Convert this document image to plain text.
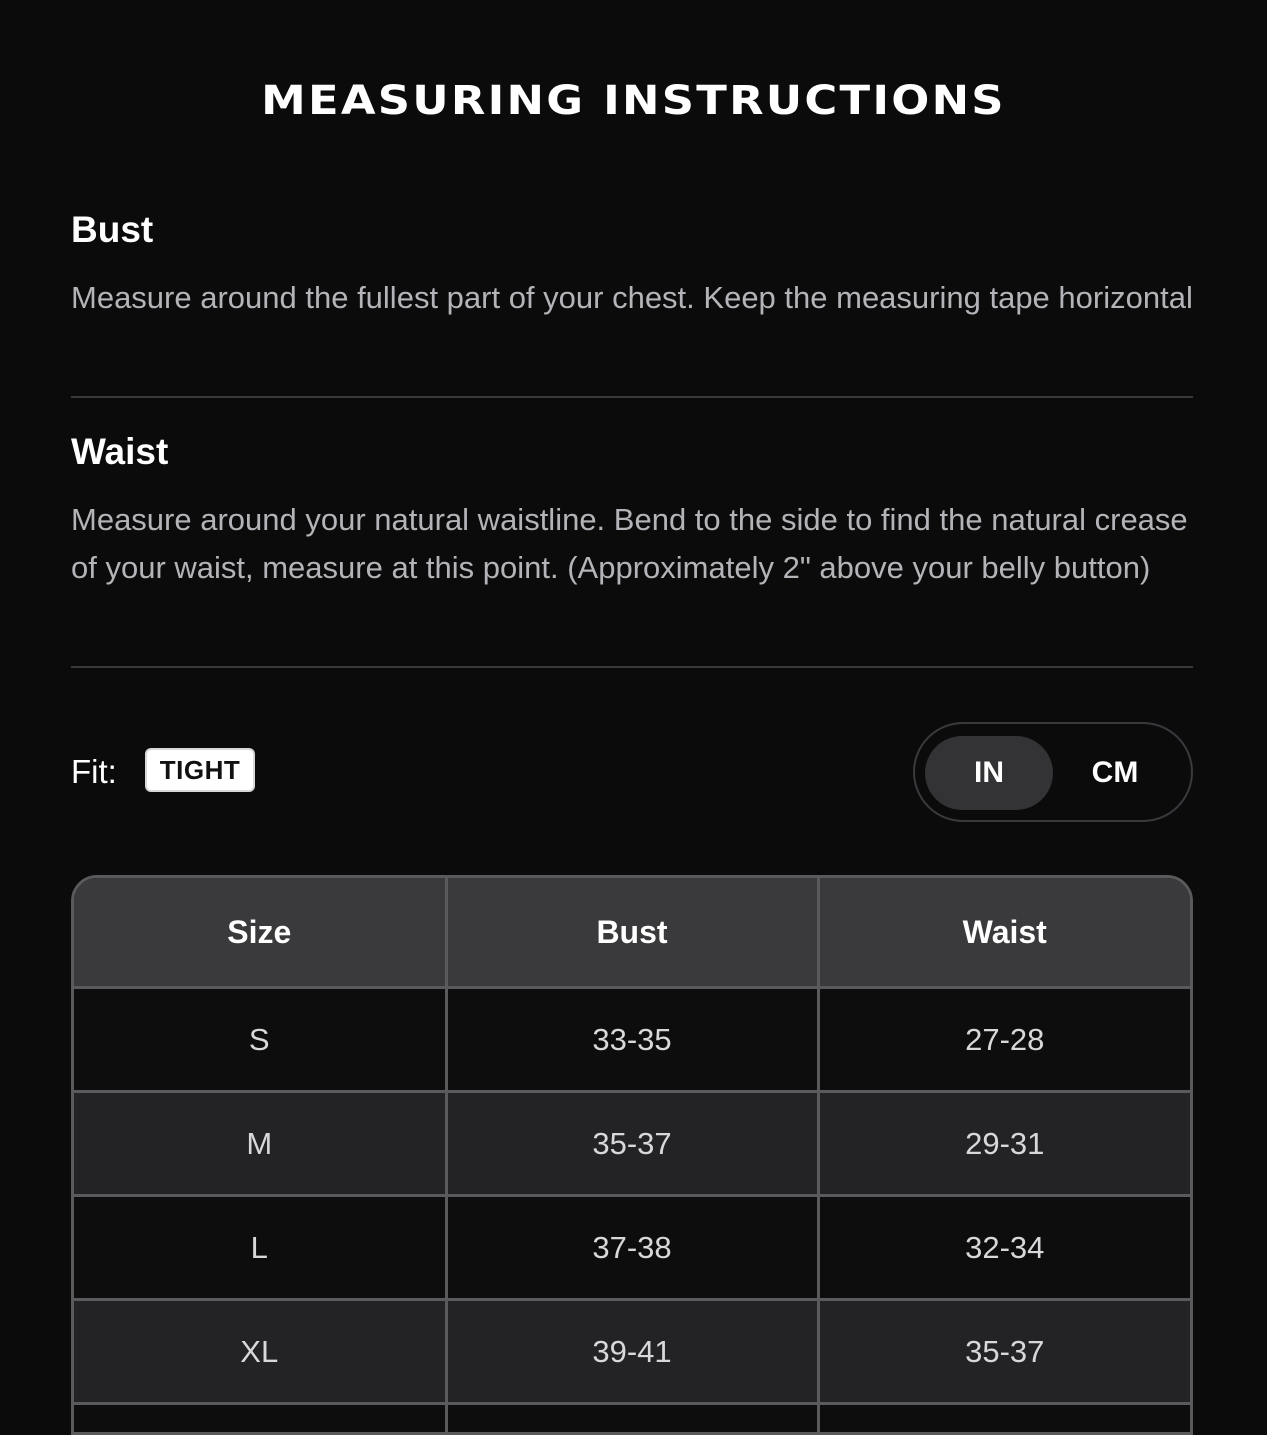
MEASURING INSTRUCTIONS
Bust

Measure around the fullest part of your chest. Keep the measuring tape horizontal

Waist

Measure around your natural waistline. Bend to the side to find the natural crease of your waist, measure at this point. (Approximately 2" above your belly button)

Fit:	TIGHT	IN	CM
Size	Bust	Waist
S	33-35	27-28
M	35-37	29-31
L	37-38	32-34
XL	39-41	35-37
